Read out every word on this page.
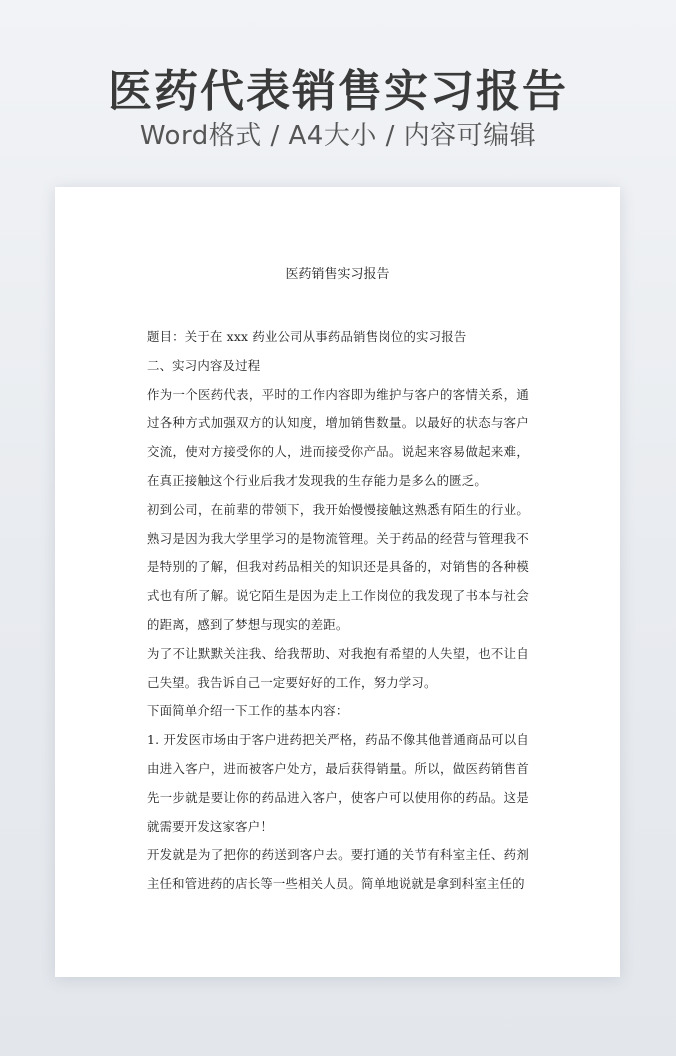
医药代表销售实习报告
Word格式 / A4大小 / 内容可编辑
医药销售实习报告

题目：关于在 xxx 药业公司从事药品销售岗位的实习报告

二、实习内容及过程

作为一个医药代表，平时的工作内容即为维护与客户的客情关系，通过各种方式加强双方的认知度，增加销售数量。以最好的状态与客户交流，使对方接受你的人，进而接受你产品。说起来容易做起来难，在真正接触这个行业后我才发现我的生存能力是多么的匮乏。

初到公司，在前辈的带领下，我开始慢慢接触这熟悉有陌生的行业。熟习是因为我大学里学习的是物流管理。关于药品的经营与管理我不是特别的了解，但我对药品相关的知识还是具备的，对销售的各种模式也有所了解。说它陌生是因为走上工作岗位的我发现了书本与社会的距离，感到了梦想与现实的差距。

为了不让默默关注我、给我帮助、对我抱有希望的人失望，也不让自己失望。我告诉自己一定要好好的工作，努力学习。

下面简单介绍一下工作的基本内容：

1. 开发医市场由于客户进药把关严格，药品不像其他普通商品可以自由进入客户，进而被客户处方，最后获得销量。所以，做医药销售首先一步就是要让你的药品进入客户，使客户可以使用你的药品。这是就需要开发这家客户！

开发就是为了把你的药送到客户去。要打通的关节有科室主任、药剂主任和管进药的店长等一些相关人员。简单地说就是拿到科室主任的
